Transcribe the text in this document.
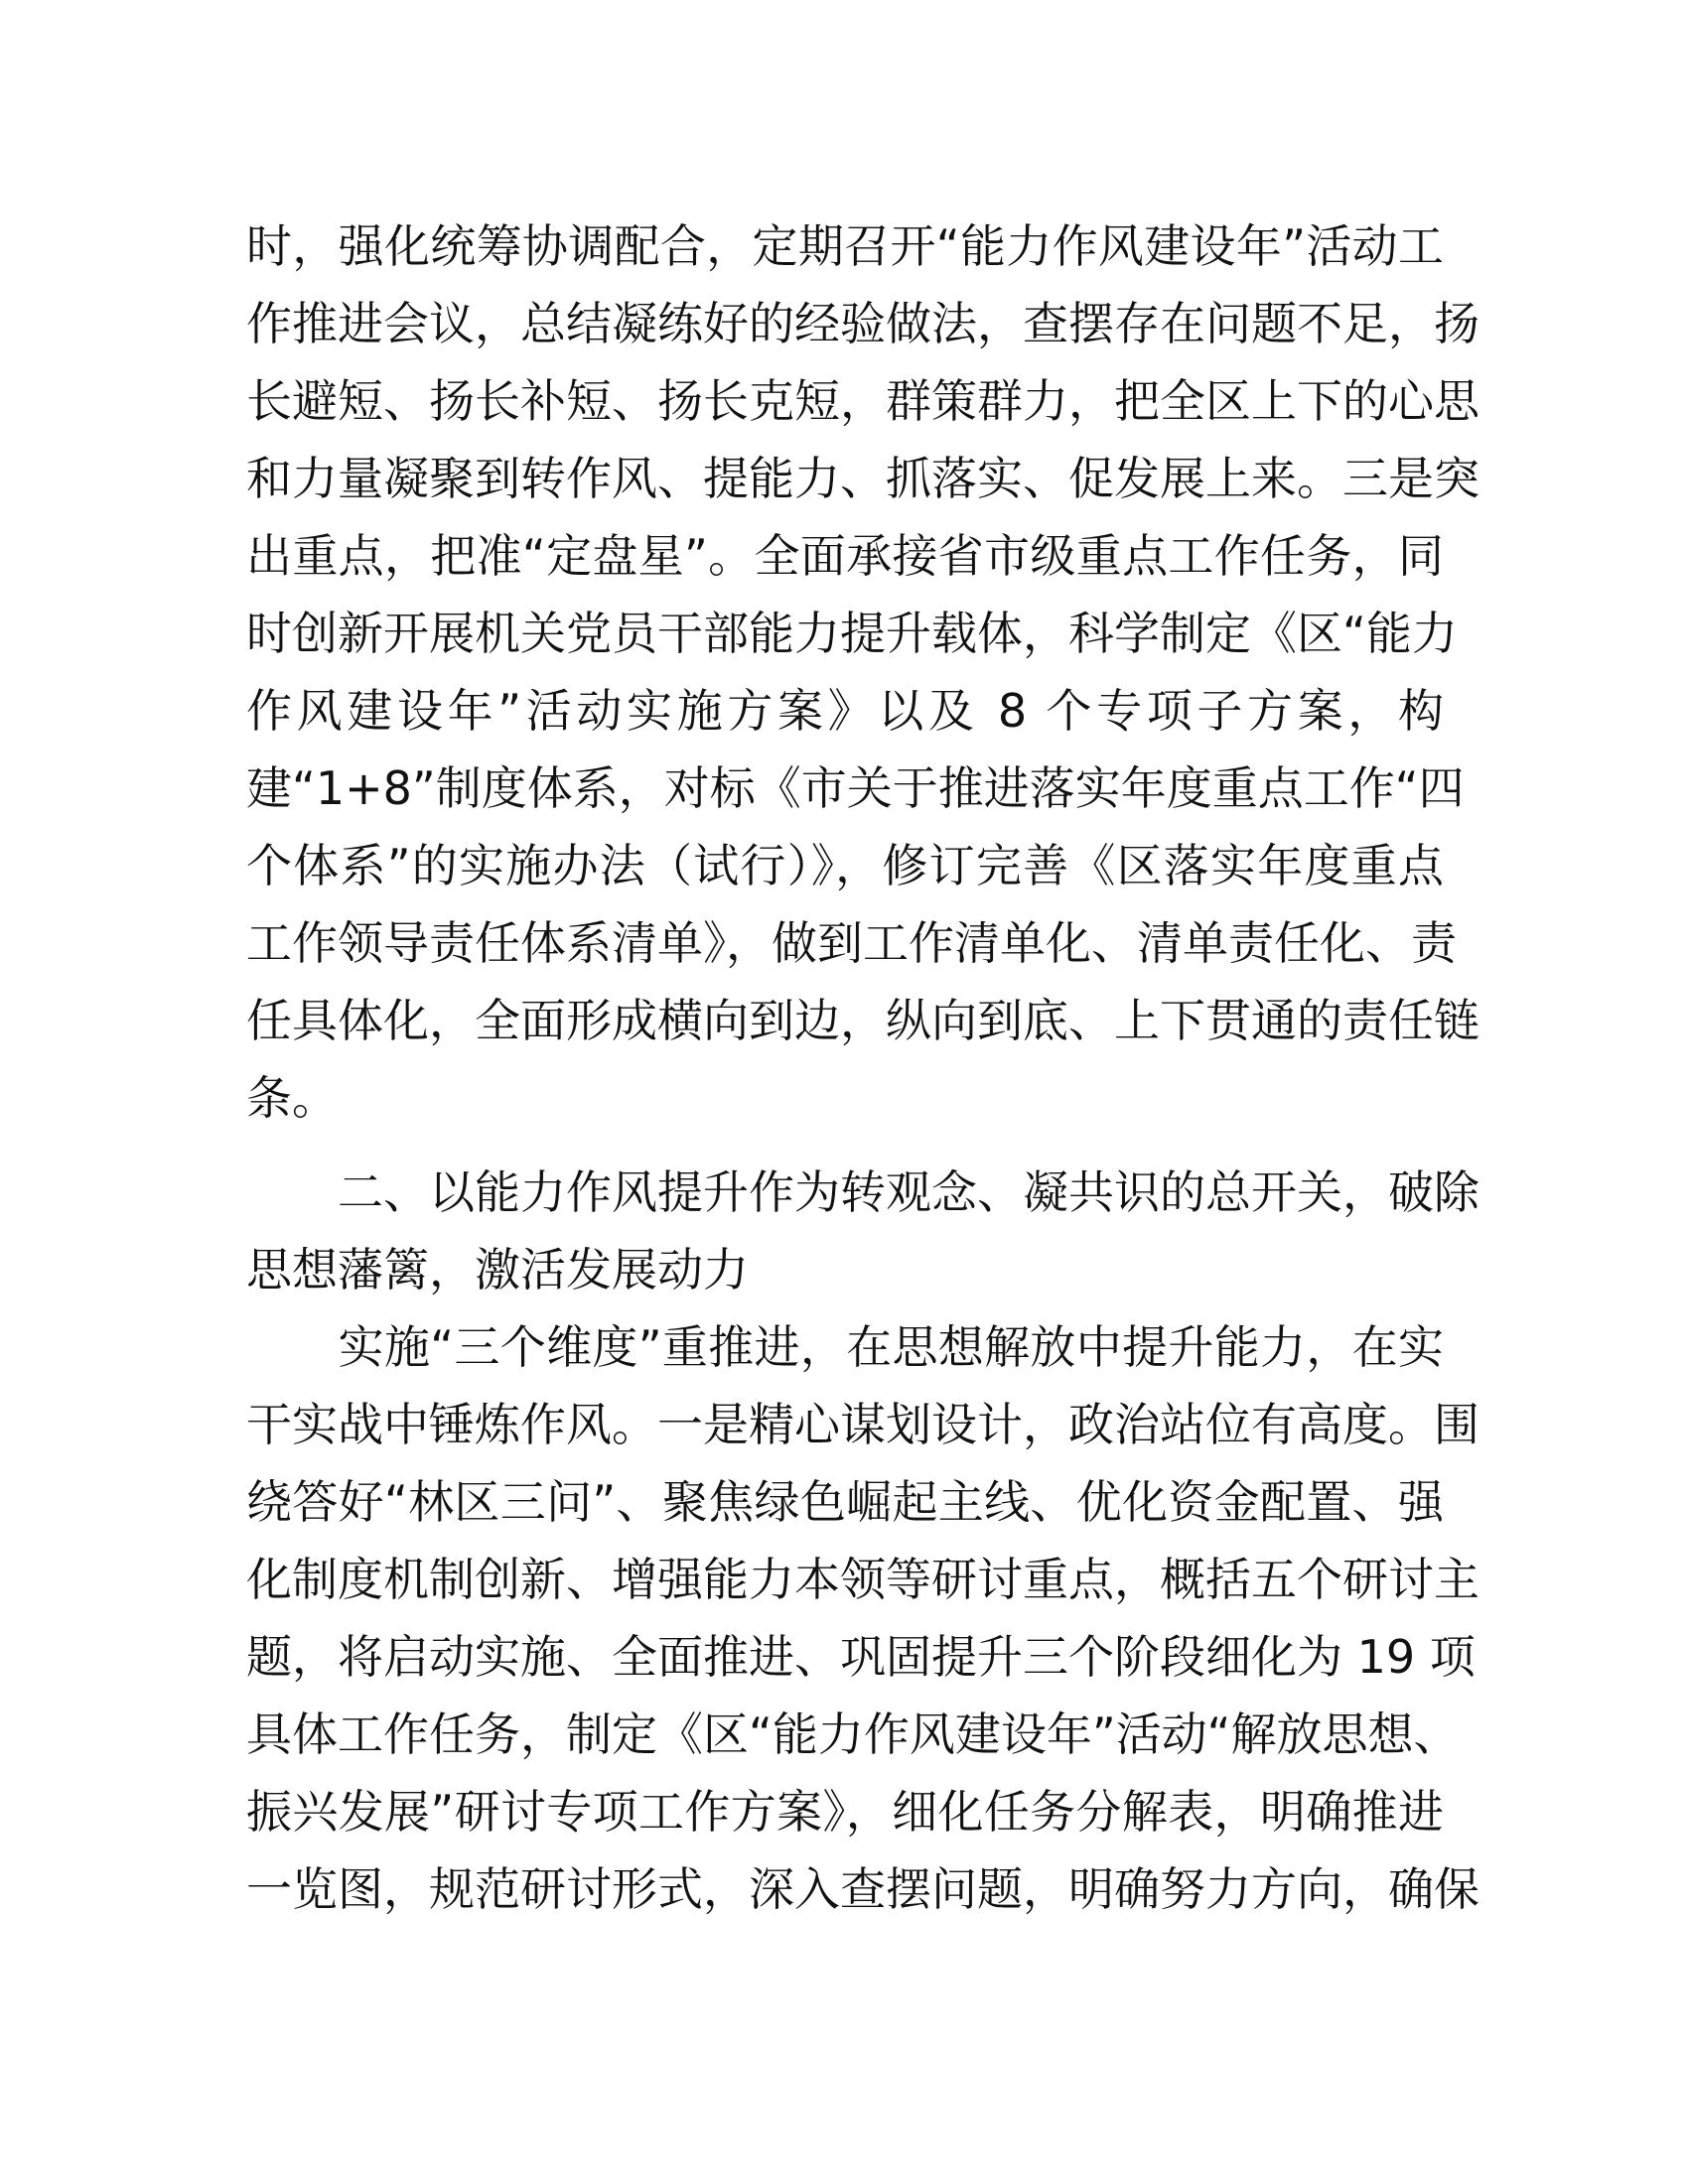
时，强化统筹协调配合，定期召开“能力作风建设年”活动工
作推进会议，总结凝练好的经验做法，查摆存在问题不足，扬
长避短、扬长补短、扬长克短，群策群力，把全区上下的心思
和力量凝聚到转作风、提能力、抓落实、促发展上来。三是突
出重点，把准“定盘星”。全面承接省市级重点工作任务，同
时创新开展机关党员干部能力提升载体，科学制定《区“能力
作风建设年”活动实施方案》以及 8 个专项子方案，构
建“1+8”制度体系，对标《市关于推进落实年度重点工作“四
个体系”的实施办法（试行）》，修订完善《区落实年度重点
工作领导责任体系清单》，做到工作清单化、清单责任化、责
任具体化，全面形成横向到边，纵向到底、上下贯通的责任链
条。
　　二、以能力作风提升作为转观念、凝共识的总开关，破除
思想藩篱，激活发展动力
　　实施“三个维度”重推进，在思想解放中提升能力，在实
干实战中锤炼作风。一是精心谋划设计，政治站位有高度。围
绕答好“林区三问”、聚焦绿色崛起主线、优化资金配置、强
化制度机制创新、增强能力本领等研讨重点，概括五个研讨主
题，将启动实施、全面推进、巩固提升三个阶段细化为 19 项
具体工作任务，制定《区“能力作风建设年”活动“解放思想、
振兴发展”研讨专项工作方案》，细化任务分解表，明确推进
一览图，规范研讨形式，深入查摆问题，明确努力方向，确保
